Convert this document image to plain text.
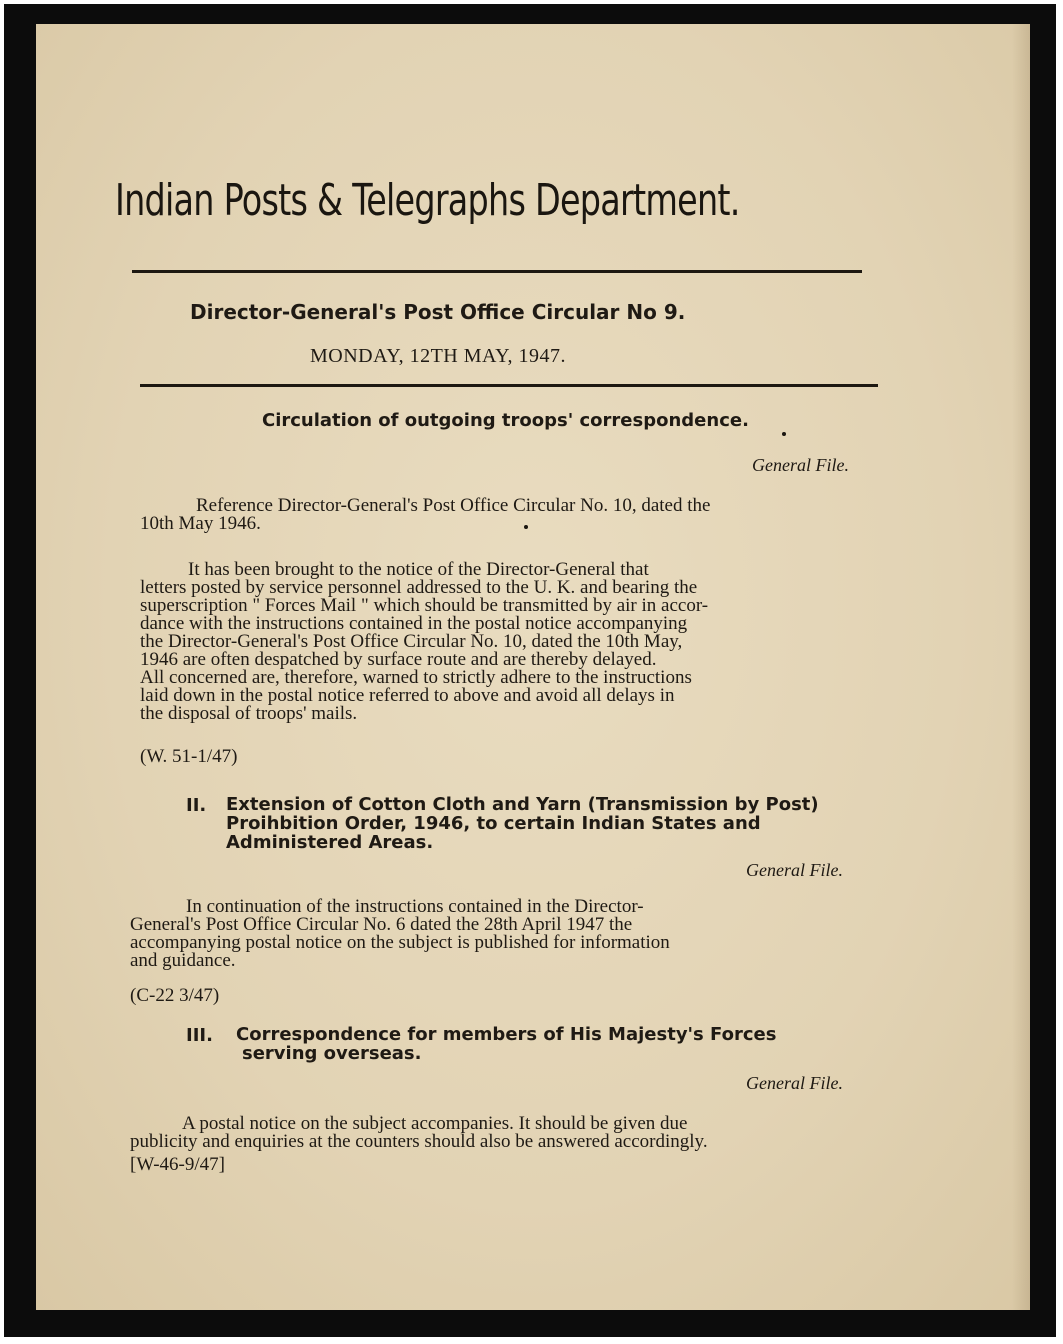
Indian Posts & Telegraphs Department.
Director-General's Post Office Circular No 9.
MONDAY, 12TH MAY, 1947.
Circulation of outgoing troops' correspondence.
General File.

Reference Director-General's Post Office Circular No. 10, dated the

10th May 1946.

It has been brought to the notice of the Director-General that

letters posted by service personnel addressed to the U. K. and bearing the

superscription " Forces Mail " which should be transmitted by air in accor-

dance with the instructions contained in the postal notice accompanying

the Director-General's Post Office Circular No. 10, dated the 10th May,

1946 are often despatched by surface route and are thereby delayed.

All concerned are, therefore, warned to strictly adhere to the instructions

laid down in the postal notice referred to above and avoid all delays in

the disposal of troops' mails.

(W. 51-1/47)
II. Extension of Cotton Cloth and Yarn (Transmission by Post)
Proihbition Order, 1946, to certain Indian States and
Administered Areas.
General File.

In continuation of the instructions contained in the Director-

General's Post Office Circular No. 6 dated the 28th April 1947 the

accompanying postal notice on the subject is published for information

and guidance.

(C-22 3/47)
III. Correspondence for members of His Majesty's Forces
serving overseas.
General File.

A postal notice on the subject accompanies. It should be given due

publicity and enquiries at the counters should also be answered accordingly.

[W-46-9/47]
